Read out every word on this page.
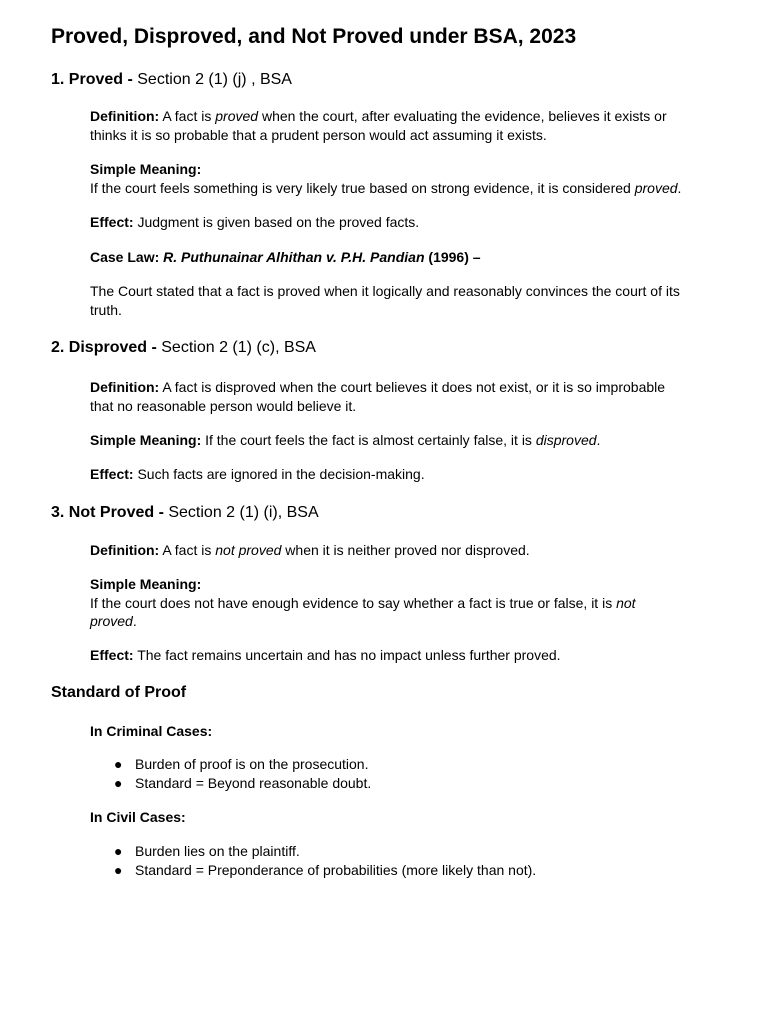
Proved, Disproved, and Not Proved under BSA, 2023
1. Proved - Section 2 (1) (j) , BSA
Definition: A fact is proved when the court, after evaluating the evidence, believes it exists or
thinks it is so probable that a prudent person would act assuming it exists.
Simple Meaning:
If the court feels something is very likely true based on strong evidence, it is considered proved.
Effect: Judgment is given based on the proved facts.
Case Law: R. Puthunainar Alhithan v. P.H. Pandian (1996) –
The Court stated that a fact is proved when it logically and reasonably convinces the court of its
truth.
2. Disproved - Section 2 (1) (c), BSA
Definition: A fact is disproved when the court believes it does not exist, or it is so improbable
that no reasonable person would believe it.
Simple Meaning: If the court feels the fact is almost certainly false, it is disproved.
Effect: Such facts are ignored in the decision-making.
3. Not Proved - Section 2 (1) (i), BSA
Definition: A fact is not proved when it is neither proved nor disproved.
Simple Meaning:
If the court does not have enough evidence to say whether a fact is true or false, it is not
proved.
Effect: The fact remains uncertain and has no impact unless further proved.
Standard of Proof
In Criminal Cases:
● Burden of proof is on the prosecution.
● Standard = Beyond reasonable doubt.
In Civil Cases:
● Burden lies on the plaintiff.
● Standard = Preponderance of probabilities (more likely than not).
